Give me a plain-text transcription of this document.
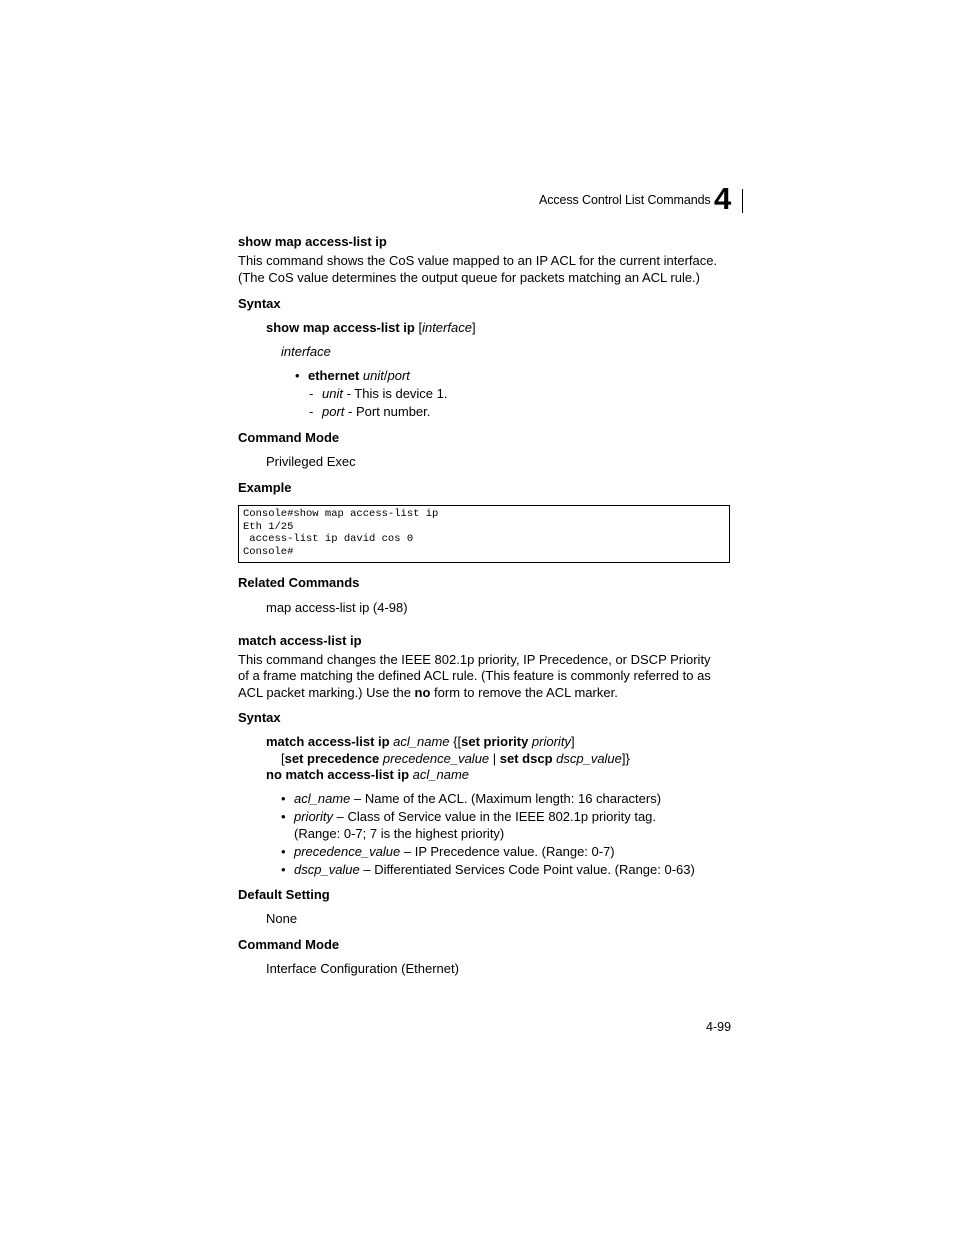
Access Control List Commands 4
show map access-list ip

This command shows the CoS value mapped to an IP ACL for the current interface.

(The CoS value determines the output queue for packets matching an ACL rule.)

Syntax

show map access-list ip [interface]

interface

• ethernet unit/port

- unit - This is device 1.

- port - Port number.

Command Mode

Privileged Exec

Example
Console#show map access-list ip
Eth 1/25
access-list ip david cos 0
Console#
Related Commands

map access-list ip (4-98)

match access-list ip

This command changes the IEEE 802.1p priority, IP Precedence, or DSCP Priority

of a frame matching the defined ACL rule. (This feature is commonly referred to as

ACL packet marking.) Use the no form to remove the ACL marker.

Syntax

match access-list ip acl_name {[set priority priority]

[set precedence precedence_value | set dscp dscp_value]}

no match access-list ip acl_name

• acl_name – Name of the ACL. (Maximum length: 16 characters)

• priority – Class of Service value in the IEEE 802.1p priority tag.

(Range: 0-7; 7 is the highest priority)

• precedence_value – IP Precedence value. (Range: 0-7)

• dscp_value – Differentiated Services Code Point value. (Range: 0-63)

Default Setting

None

Command Mode

Interface Configuration (Ethernet)

4-99
